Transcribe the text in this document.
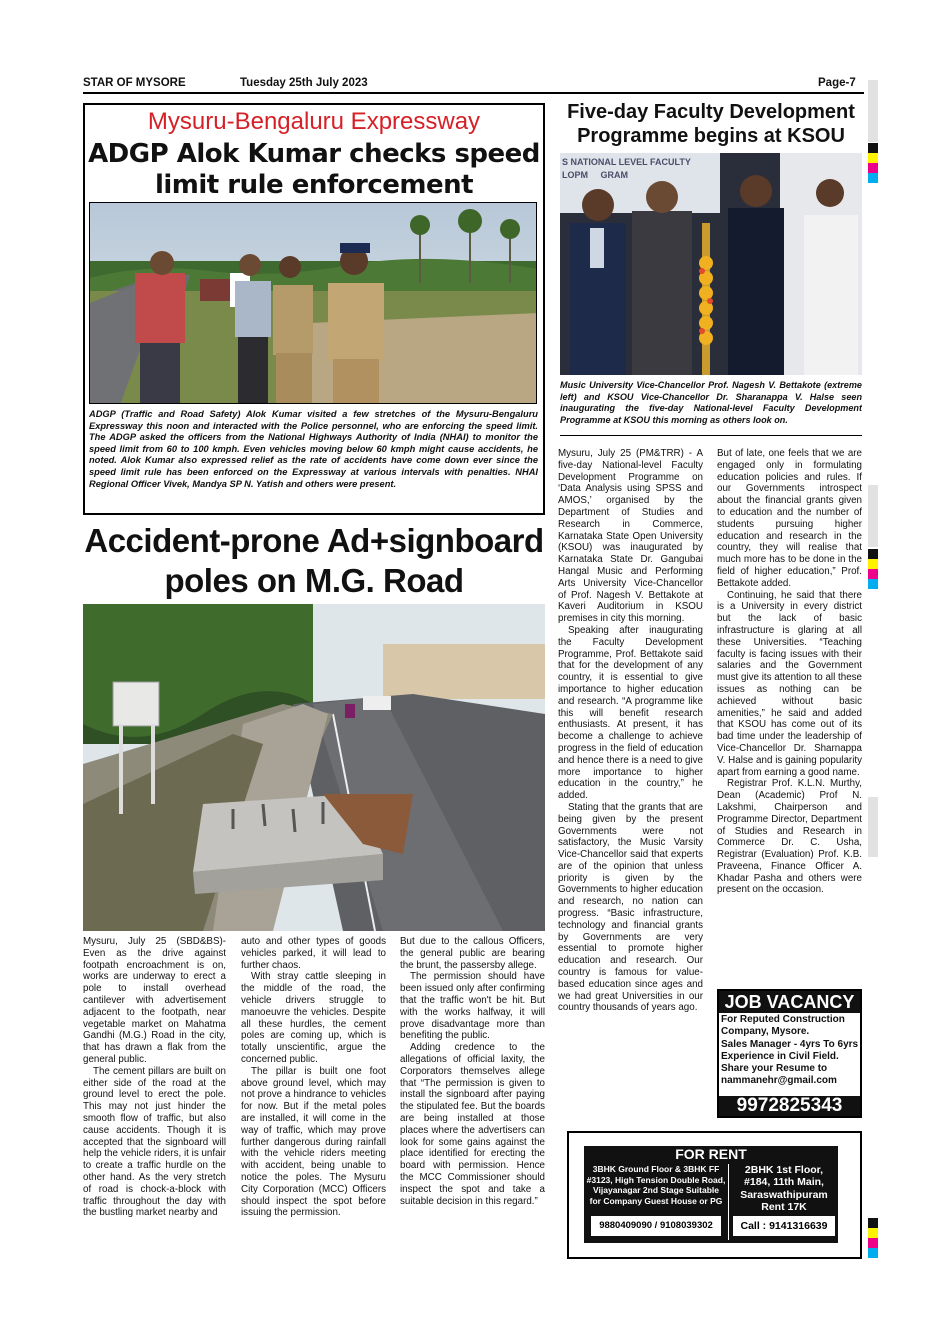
STAR OF MYSORE	Tuesday 25th July 2023	Page-7
Mysuru-Bengaluru Expressway
ADGP Alok Kumar checks speed
limit rule enforcement
ADGP (Traffic and Road Safety) Alok Kumar visited a few stretches of the Mysuru-Bengaluru Expressway this noon and interacted with the Police personnel, who are enforcing the speed limit. The ADGP asked the officers from the National Highways Authority of India (NHAI) to monitor the speed limit from 60 to 100 kmph. Even vehicles moving below 60 kmph might cause accidents, he noted. Alok Kumar also expressed relief as the rate of accidents have come down ever since the speed limit rule has been enforced on the Expressway at various intervals with penalties. NHAI Regional Officer Vivek, Mandya SP N. Yatish and others were present.
Accident-prone Ad+signboard
poles on M.G. Road

Mysuru, July 25 (SBD&BS)- Even as the drive against footpath encroachment is on, works are underway to erect a pole to install overhead cantilever with advertisement adjacent to the footpath, near vegetable market on Mahatma Gandhi (M.G.) Road in the city, that has drawn a flak from the general public.

The cement pillars are built on either side of the road at the ground level to erect the pole. This may not just hinder the smooth flow of traffic, but also cause accidents. Though it is accepted that the signboard will help the vehicle riders, it is unfair to create a traffic hurdle on the other hand. As the very stretch of road is chock-a-block with traffic throughout the day with the bustling market nearby and

auto and other types of goods vehicles parked, it will lead to further chaos.

With stray cattle sleeping in the middle of the road, the vehicle drivers struggle to manoeuvre the vehicles. Despite all these hurdles, the cement poles are coming up, which is totally unscientific, argue the concerned public.

The pillar is built one foot above ground level, which may not prove a hindrance to vehicles for now. But if the metal poles are installed, it will come in the way of traffic, which may prove further dangerous during rainfall with the vehicle riders meeting with accident, being unable to notice the poles. The Mysuru City Corporation (MCC) Officers should inspect the spot before issuing the permission.

But due to the callous Officers, the general public are bearing the brunt, the passersby allege.

The permission should have been issued only after confirming that the traffic won't be hit. But with the works halfway, it will prove disadvantage more than benefiting the public.

Adding credence to the allegations of official laxity, the Corporators themselves allege that “The permission is given to install the signboard after paying the stipulated fee. But the boards are being installed at those places where the advertisers can look for some gains against the place identified for erecting the board with permission. Hence the MCC Commissioner should inspect the spot and take a suitable decision in this regard.”

Five-day Faculty Development
Programme begins at KSOU
S NATIONAL LEVEL FACULTY
LOPM     GRAM
Music University Vice-Chancellor Prof. Nagesh V. Bettakote (extreme left) and KSOU Vice-Chancellor Dr. Sharanappa V. Halse seen inaugurating the five-day National-level Faculty Development Programme at KSOU this morning as others look on.

Mysuru, July 25 (PM&TRR) - A five-day National-level Faculty Development Programme on ‘Data Analysis using SPSS and AMOS,’ organised by the Department of Studies and Research in Commerce, Karnataka State Open University (KSOU) was inaugurated by Karnataka State Dr. Gangubai Hangal Music and Performing Arts University Vice-Chancellor of Prof. Nagesh V. Bettakote at Kaveri Auditorium in KSOU premises in city this morning.

Speaking after inaugurating the Faculty Development Programme, Prof. Bettakote said that for the development of any country, it is essential to give importance to higher education and research. “A programme like this will benefit research enthusiasts. At present, it has become a challenge to achieve progress in the field of education and hence there is a need to give more importance to higher education in the country,” he added.

Stating that the grants that are being given by the present Governments were not satisfactory, the Music Varsity Vice-Chancellor said that experts are of the opinion that unless priority is given by the Governments to higher education and research, no nation can progress. “Basic infrastructure, technology and financial grants by Governments are very essential to promote higher education and research. Our country is famous for value-based education since ages and we had great Universities in our country thousands of years ago.

But of late, one feels that we are engaged only in formulating education policies and rules. If our Governments introspect about the financial grants given to education and the number of students pursuing higher education and research in the country, they will realise that much more has to be done in the field of higher education,” Prof. Bettakote added.

Continuing, he said that there is a University in every district but the lack of basic infrastructure is glaring at all these Universities. “Teaching faculty is facing issues with their salaries and the Government must give its attention to all these issues as nothing can be achieved without basic amenities,” he said and added that KSOU has come out of its bad time under the leadership of Vice-Chancellor Dr. Sharnappa V. Halse and is gaining popularity apart from earning a good name.

Registrar Prof. K.L.N. Murthy, Dean (Academic) Prof N. Lakshmi, Chairperson and Programme Director, Department of Studies and Research in Commerce Dr. C. Usha, Registrar (Evaluation) Prof. K.B. Praveena, Finance Officer A. Khadar Pasha and others were present on the occasion.

JOB VACANCY
For Reputed Construction
Company, Mysore.
Sales Manager - 4yrs To 6yrs
Experience in Civil Field.
Share your Resume to
nammanehr@gmail.com
9972825343
FOR RENT
3BHK Ground Floor & 3BHK FF
#3123, High Tension Double Road,
Vijayanagar 2nd Stage Suitable
for Company Guest House or PG
9880409090 / 9108039302
2BHK 1st Floor,
#184, 11th Main,
Saraswathipuram
Rent 17K
Call : 9141316639
